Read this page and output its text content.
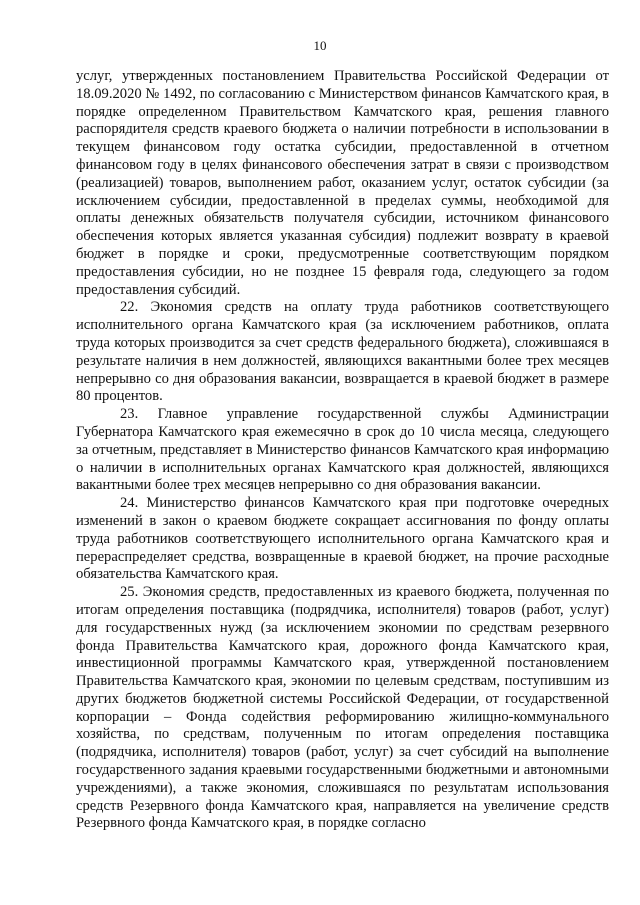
10

услуг, утвержденных постановлением Правительства Российской Федерации от 18.09.2020 № 1492, по согласованию с Министерством финансов Камчатского края, в порядке определенном Правительством Камчатского края, решения главного распорядителя средств краевого бюджета о наличии потребности в использовании в текущем финансовом году остатка субсидии, предоставленной в отчетном финансовом году в целях финансового обеспечения затрат в связи с производством (реализацией) товаров, выполнением работ, оказанием услуг, остаток субсидии (за исключением субсидии, предоставленной в пределах суммы, необходимой для оплаты денежных обязательств получателя субсидии, источником финансового обеспечения которых является указанная субсидия) подлежит возврату в краевой бюджет в порядке и сроки, предусмотренные соответствующим порядком предоставления субсидии, но не позднее 15 февраля года, следующего за годом предоставления субсидий.

22. Экономия средств на оплату труда работников соответствующего исполнительного органа Камчатского края (за исключением работников, оплата труда которых производится за счет средств федерального бюджета), сложившаяся в результате наличия в нем должностей, являющихся вакантными более трех месяцев непрерывно со дня образования вакансии, возвращается в краевой бюджет в размере 80 процентов.

23. Главное управление государственной службы Администрации Губернатора Камчатского края ежемесячно в срок до 10 числа месяца, следующего за отчетным, представляет в Министерство финансов Камчатского края информацию о наличии в исполнительных органах Камчатского края должностей, являющихся вакантными более трех месяцев непрерывно со дня образования вакансии.

24. Министерство финансов Камчатского края при подготовке очередных изменений в закон о краевом бюджете сокращает ассигнования по фонду оплаты труда работников соответствующего исполнительного органа Камчатского края и перераспределяет средства, возвращенные в краевой бюджет, на прочие расходные обязательства Камчатского края.

25. Экономия средств, предоставленных из краевого бюджета, полученная по итогам определения поставщика (подрядчика, исполнителя) товаров (работ, услуг) для государственных нужд (за исключением экономии по средствам резервного фонда Правительства Камчатского края, дорожного фонда Камчатского края, инвестиционной программы Камчатского края, утвержденной постановлением Правительства Камчатского края, экономии по целевым средствам, поступившим из других бюджетов бюджетной системы Российской Федерации, от государственной корпорации – Фонда содействия реформированию жилищно-коммунального хозяйства, по средствам, полученным по итогам определения поставщика (подрядчика, исполнителя) товаров (работ, услуг) за счет субсидий на выполнение государственного задания краевыми государственными бюджетными и автономными учреждениями), а также экономия, сложившаяся по результатам использования средств Резервного фонда Камчатского края, направляется на увеличение средств Резервного фонда Камчатского края, в порядке согласно
